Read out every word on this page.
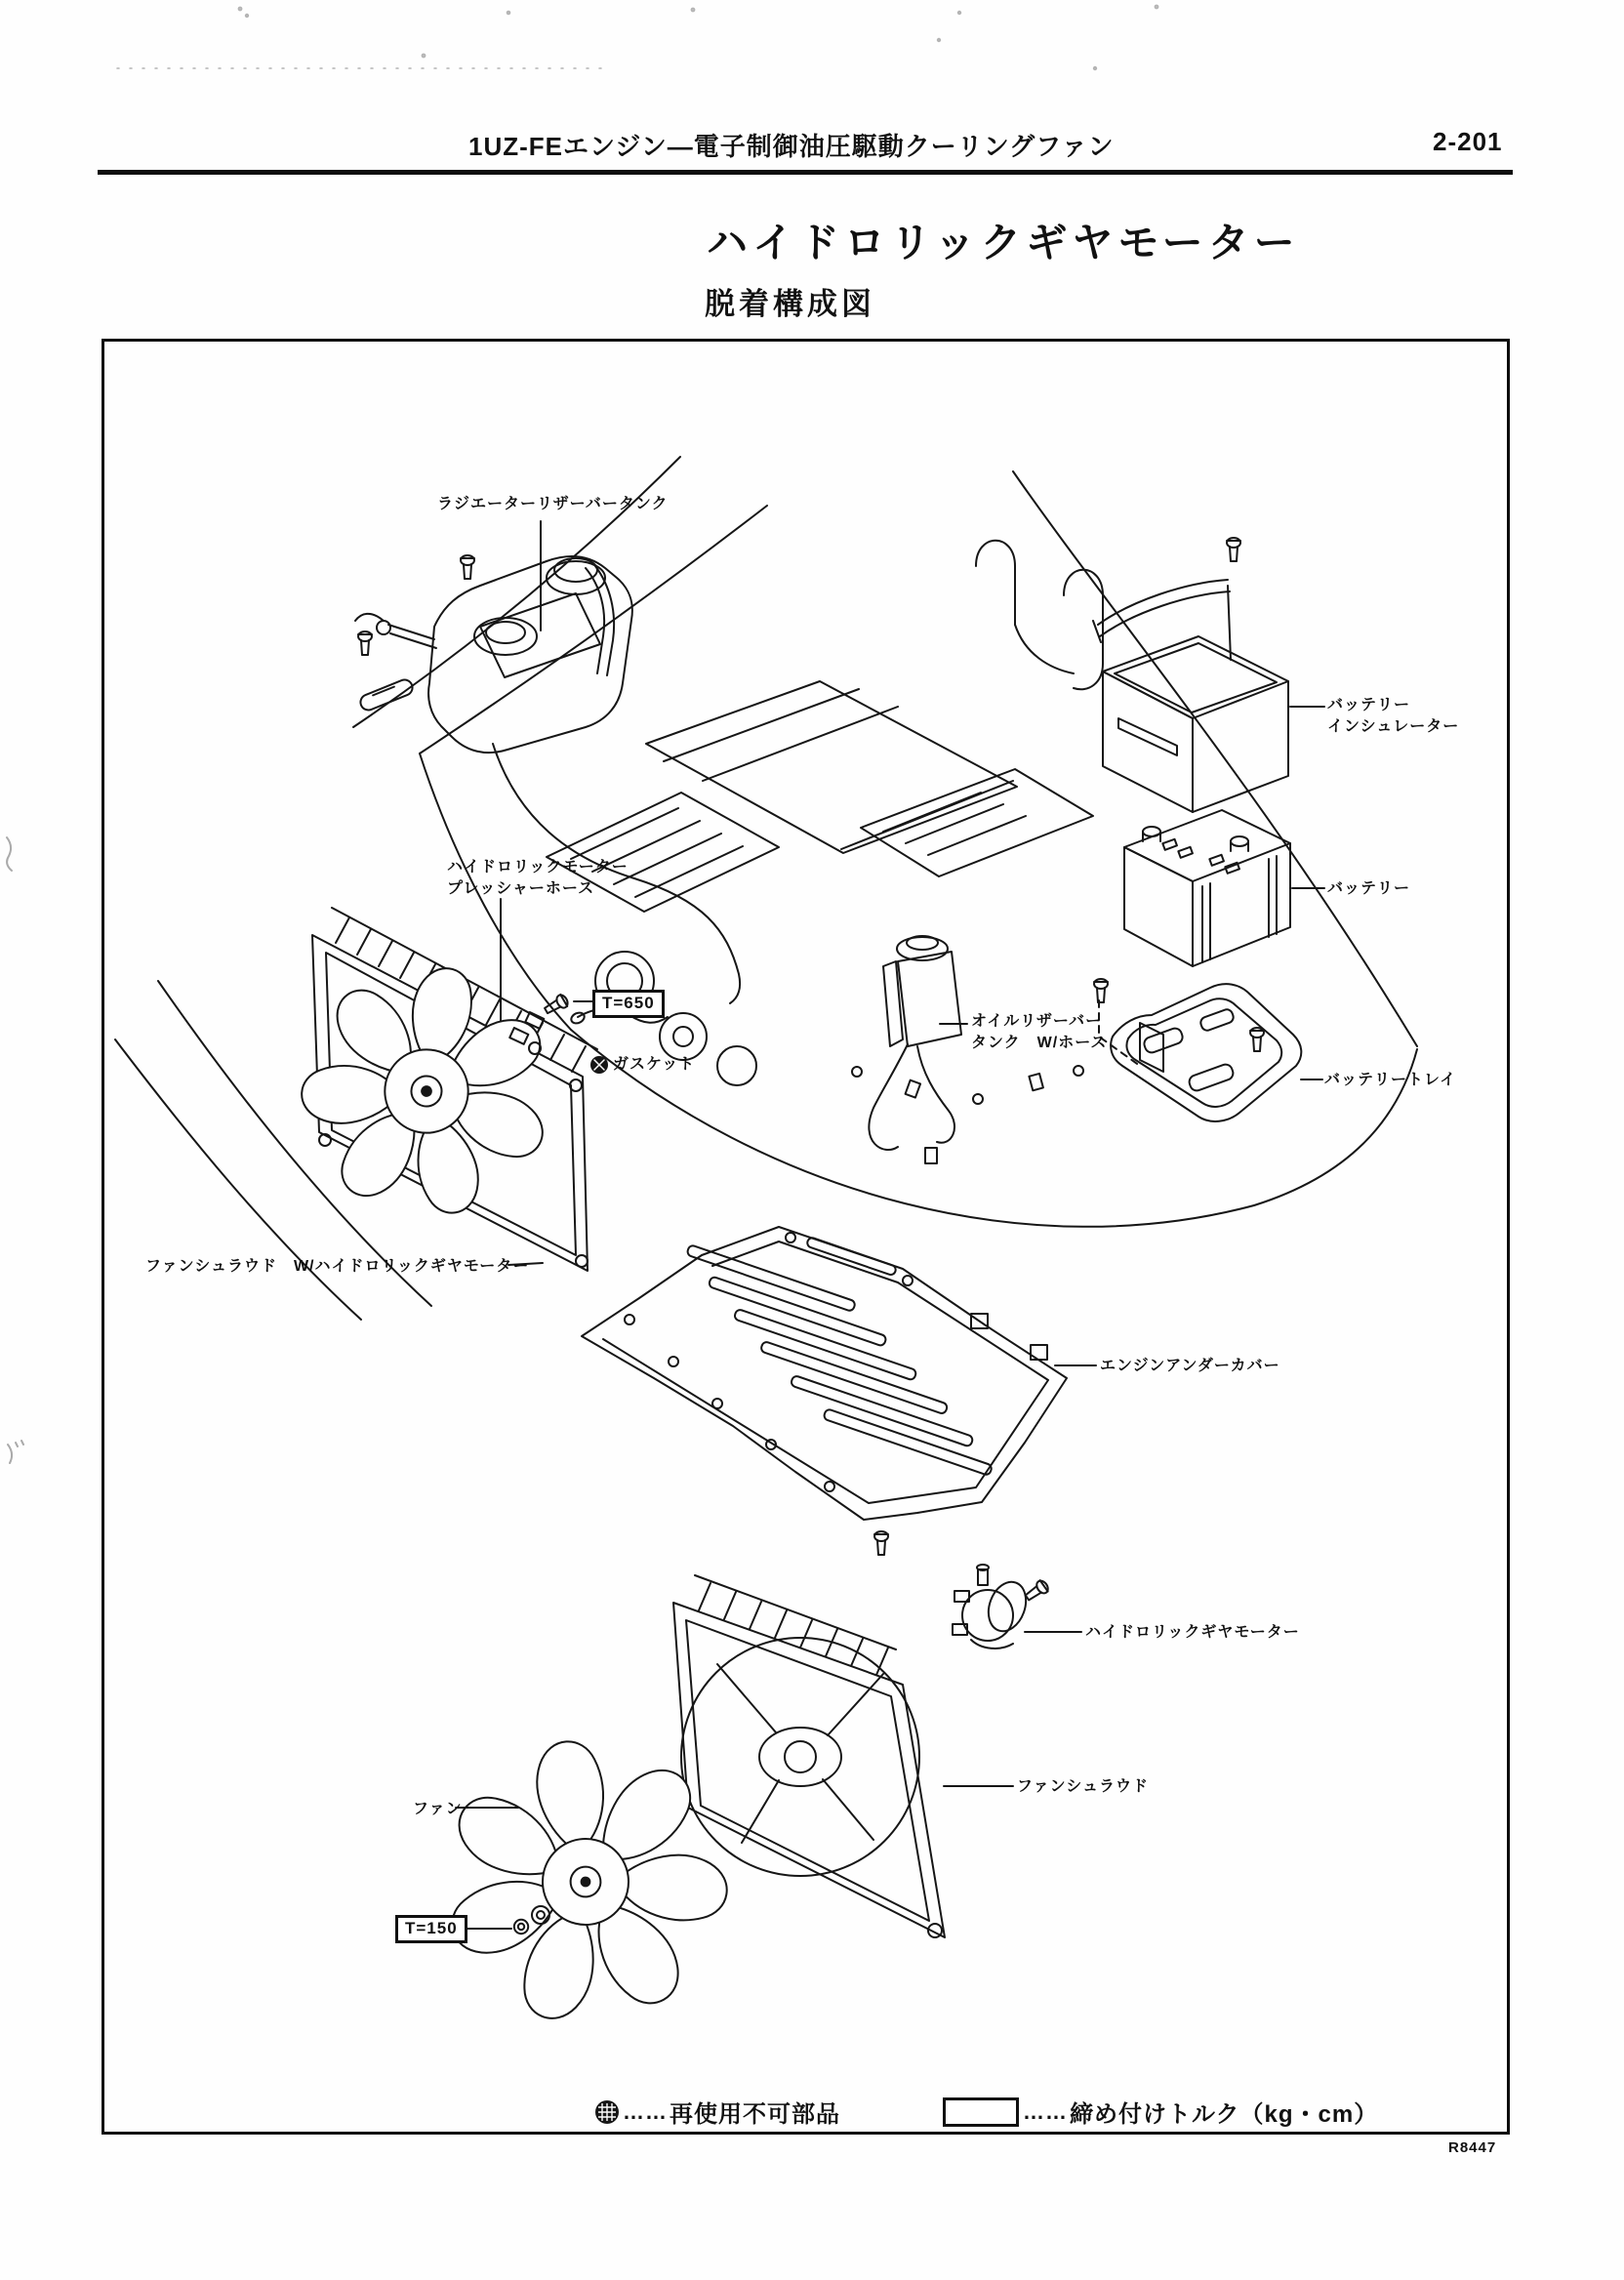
1UZ-FEエンジン—電子制御油圧駆動クーリングファン	2-201
ハイドロリックギヤモーター
脱着構成図
ラジエーターリザーバータンク
ハイドロリックモーター
プレッシャーホース
T=650
ガスケット
オイルリザーバー
タンク　W/ホース
バッテリー
インシュレーター
バッテリー
バッテリートレイ
ファンシュラウド　W/ハイドロリックギヤモーター
エンジンアンダーカバー
ハイドロリックギヤモーター
ファンシュラウド
ファン
T=150
…… 再使用不可部品	…… 締め付けトルク（kg・cm）
R8447
